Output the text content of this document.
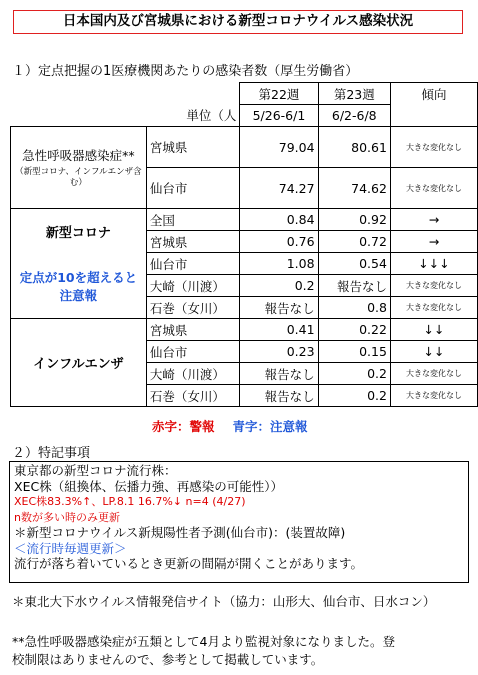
日本国内及び宮城県における新型コロナウイルス感染状況
１）定点把握の1医療機関あたりの感染者数（厚生労働省）
		第22週	第23週	傾向
	単位（人	5/26-6/1	6/2-6/8	
急性呼吸器感染症**
（新型コロナ、インフルエンザ含む）	宮城県	79.04	80.61	大きな変化なし
	仙台市	74.27	74.62	大きな変化なし

新型コロナ
定点が10を超えると注意報	全国	0.84	0.92	→
	宮城県	0.76	0.72	→
	仙台市	1.08	0.54	↓↓↓
	大崎（川渡）	0.2	報告なし	大きな変化なし
	石巻（女川）	報告なし	0.8	大きな変化なし
インフルエンザ	宮城県	0.41	0.22	↓↓
	仙台市	0.23	0.15	↓↓
	大崎（川渡）	報告なし	0.2	大きな変化なし
	石巻（女川）	報告なし	0.2	大きな変化なし
赤字：警報 青字：注意報
２）特記事項
東京都の新型コロナ流行株：
XEC株（組換体、伝播力強、再感染の可能性））
XEC株83.3%↑、LP.8.1 16.7%↓ n=4 (4/27)
n数が多い時のみ更新
＊新型コロナウイルス新規陽性者予測(仙台市)：(装置故障)
＜流行時毎週更新＞
流行が落ち着いているとき更新の間隔が開くことがあります。
＊東北大下水ウイルス情報発信サイト（協力：山形大、仙台市、日水コン）
**急性呼吸器感染症が五類として4月より監視対象になりました。登
校制限はありませんので、参考として掲載しています。
